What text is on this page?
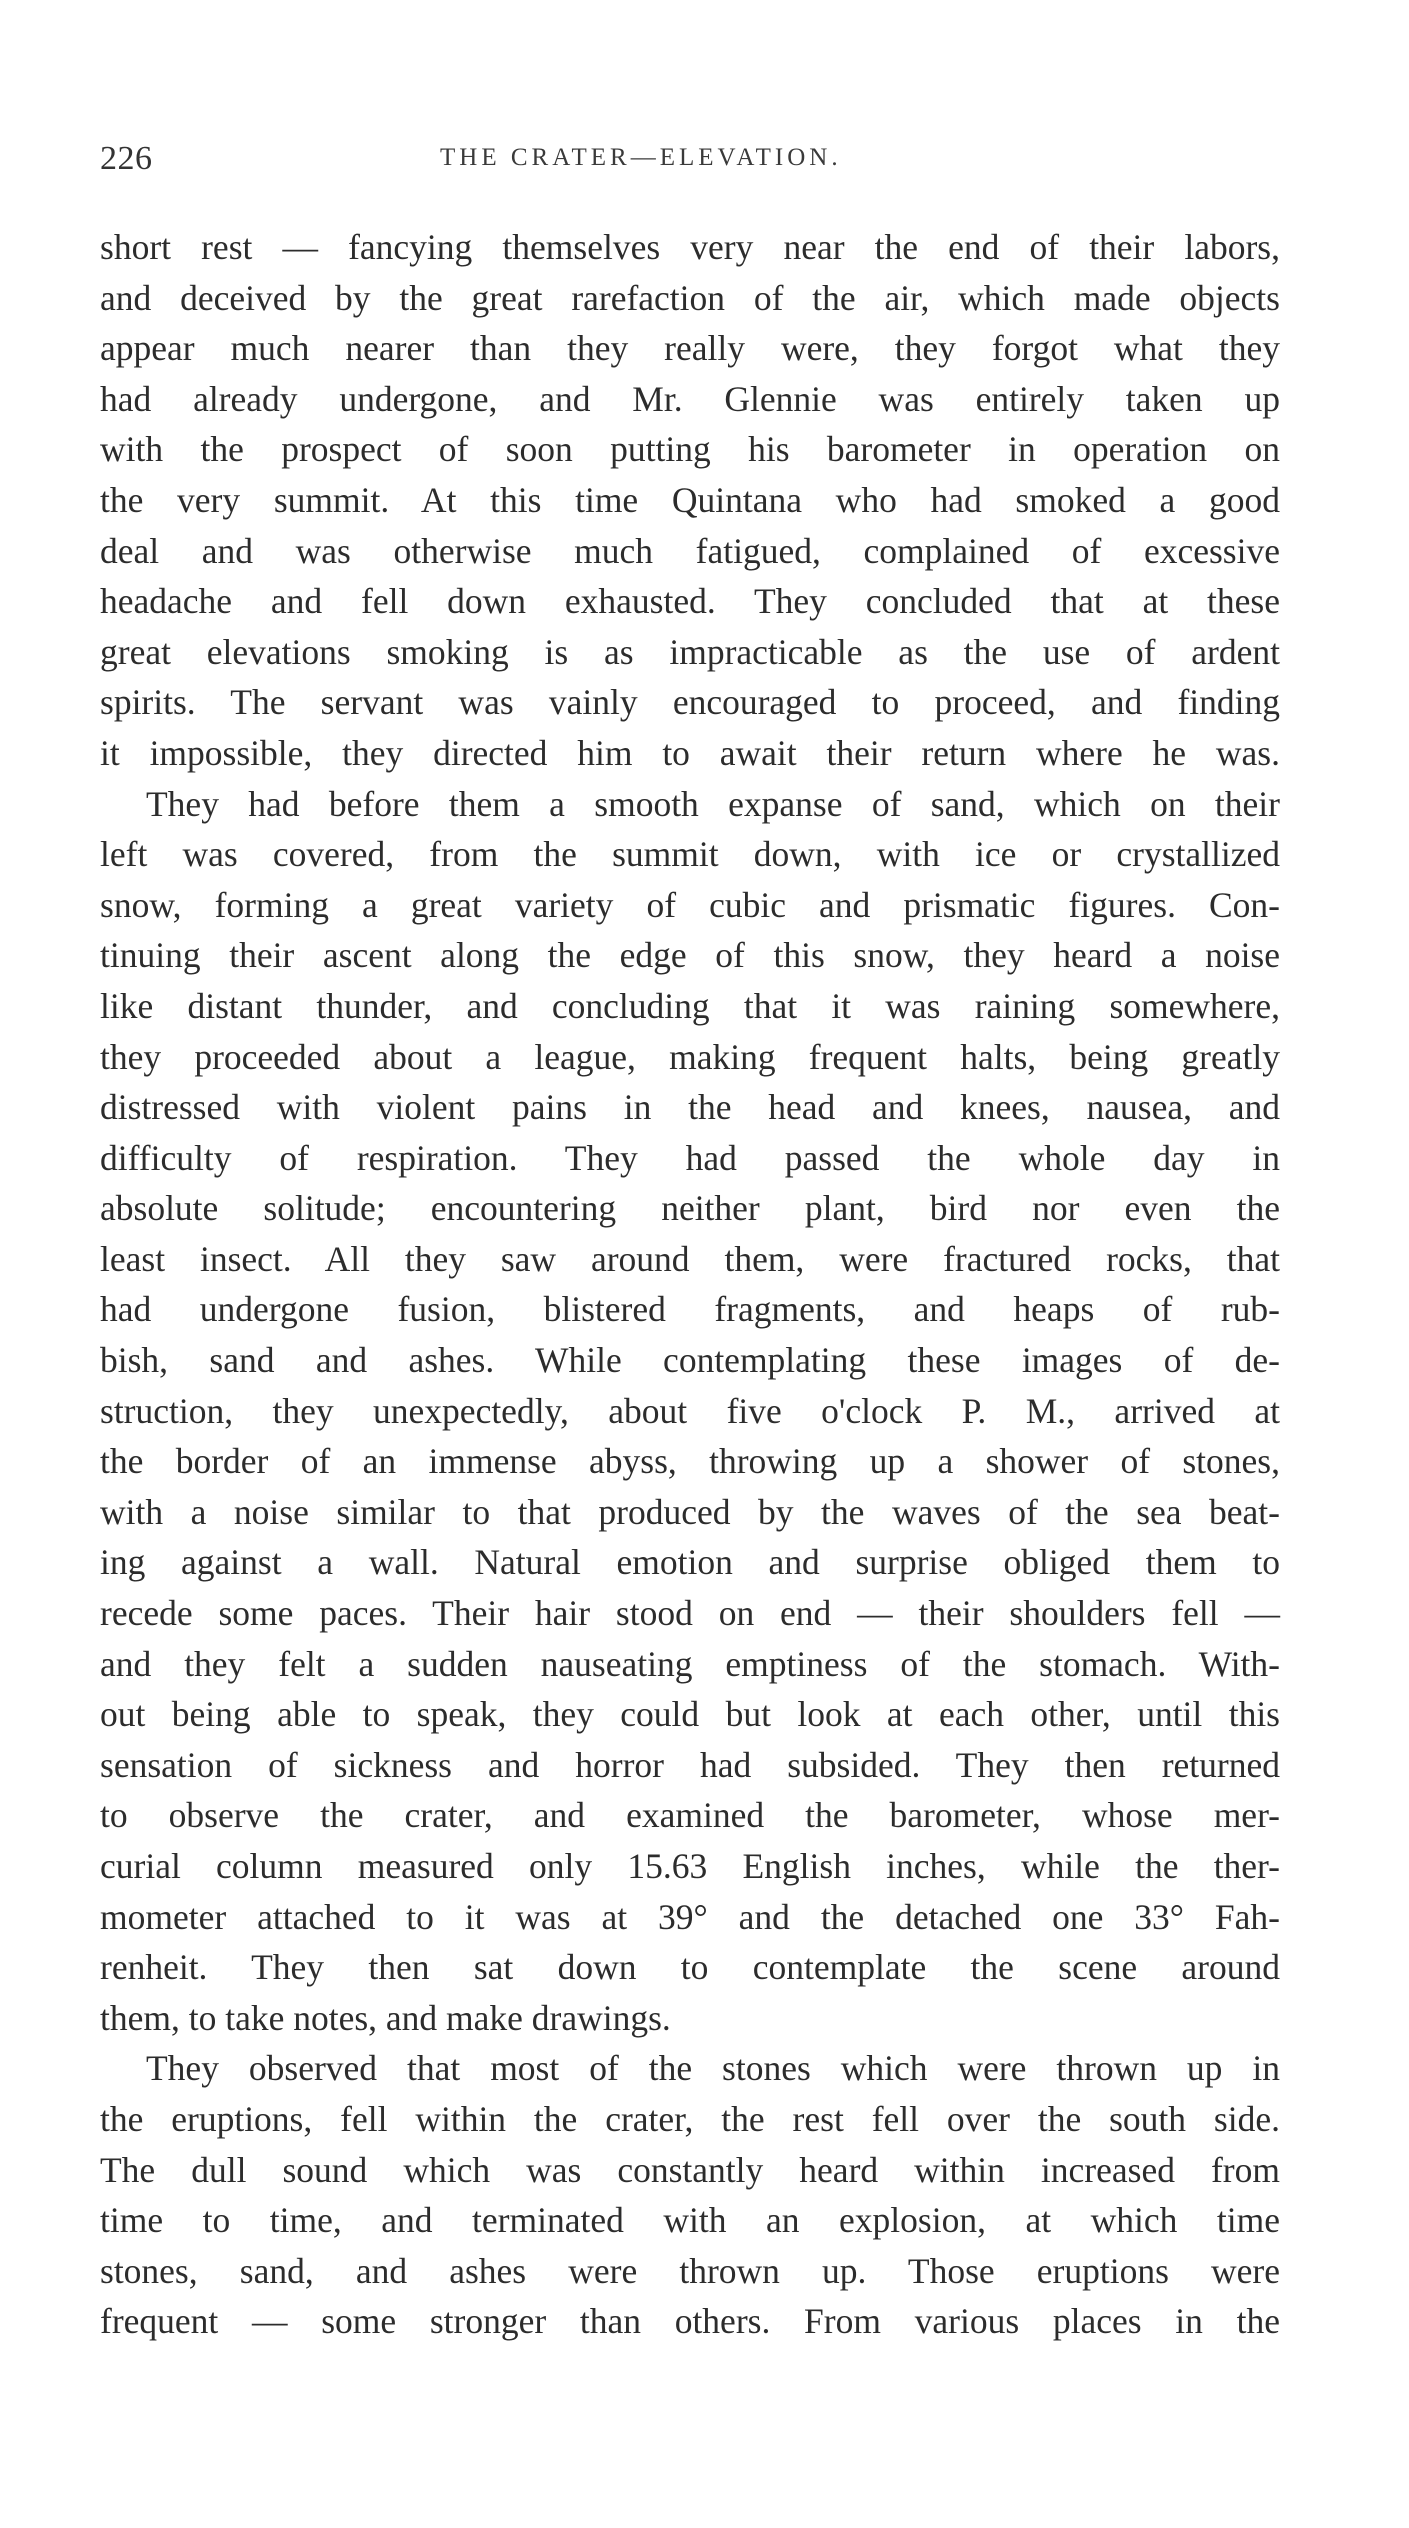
226	THE CRATER—ELEVATION.
short rest — fancying themselves very near the end of their labors,
and deceived by the great rarefaction of the air, which made objects
appear much nearer than they really were, they forgot what they
had already undergone, and Mr. Glennie was entirely taken up
with the prospect of soon putting his barometer in operation on
the very summit. At this time Quintana who had smoked a good
deal and was otherwise much fatigued, complained of excessive
headache and fell down exhausted. They concluded that at these
great elevations smoking is as impracticable as the use of ardent
spirits. The servant was vainly encouraged to proceed, and finding
it impossible, they directed him to await their return where he was.
They had before them a smooth expanse of sand, which on their
left was covered, from the summit down, with ice or crystallized
snow, forming a great variety of cubic and prismatic figures. Con-
tinuing their ascent along the edge of this snow, they heard a noise
like distant thunder, and concluding that it was raining somewhere,
they proceeded about a league, making frequent halts, being greatly
distressed with violent pains in the head and knees, nausea, and
difficulty of respiration. They had passed the whole day in
absolute solitude; encountering neither plant, bird nor even the
least insect. All they saw around them, were fractured rocks, that
had undergone fusion, blistered fragments, and heaps of rub-
bish, sand and ashes. While contemplating these images of de-
struction, they unexpectedly, about five o'clock P. M., arrived at
the border of an immense abyss, throwing up a shower of stones,
with a noise similar to that produced by the waves of the sea beat-
ing against a wall. Natural emotion and surprise obliged them to
recede some paces. Their hair stood on end — their shoulders fell —
and they felt a sudden nauseating emptiness of the stomach. With-
out being able to speak, they could but look at each other, until this
sensation of sickness and horror had subsided. They then returned
to observe the crater, and examined the barometer, whose mer-
curial column measured only 15.63 English inches, while the ther-
mometer attached to it was at 39° and the detached one 33° Fah-
renheit. They then sat down to contemplate the scene around
them, to take notes, and make drawings.
They observed that most of the stones which were thrown up in
the eruptions, fell within the crater, the rest fell over the south side.
The dull sound which was constantly heard within increased from
time to time, and terminated with an explosion, at which time
stones, sand, and ashes were thrown up. Those eruptions were
frequent — some stronger than others. From various places in the
